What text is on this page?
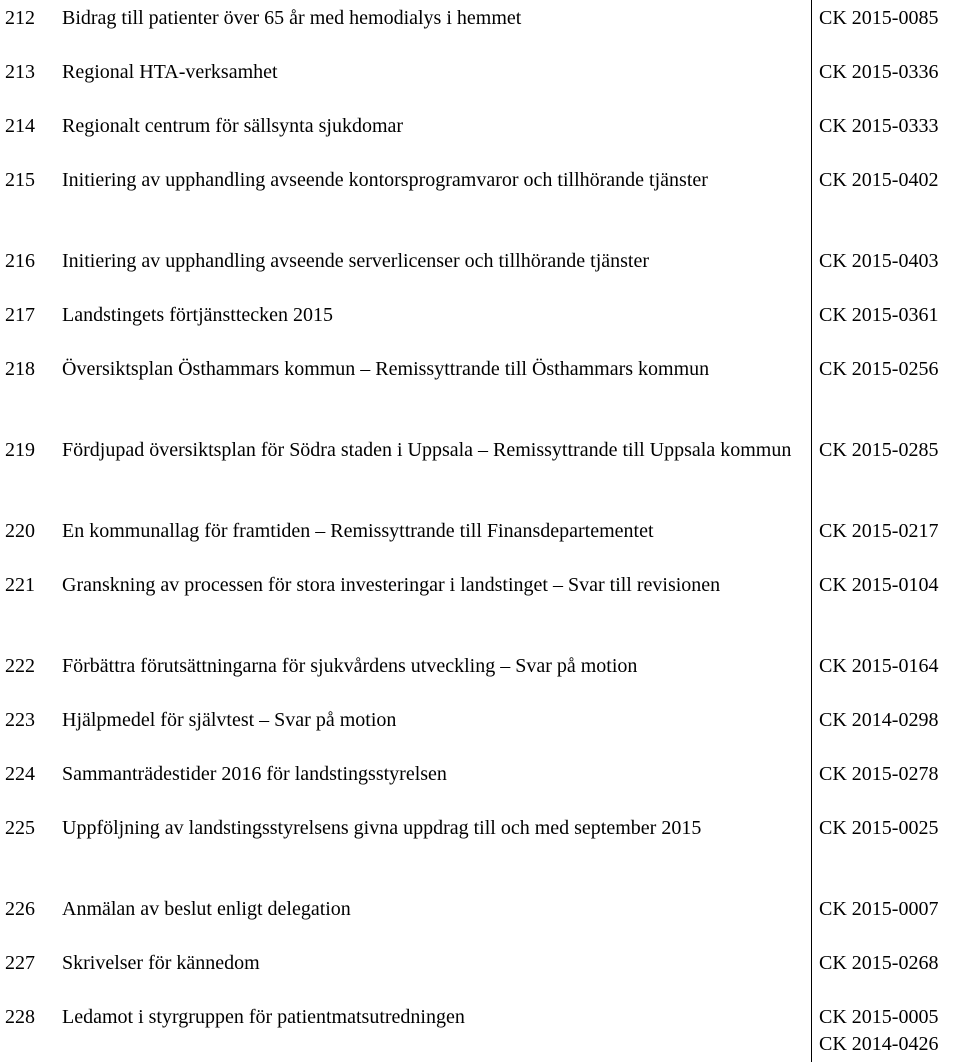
212	Bidrag till patienter över 65 år med hemodialys i hemmet	CK 2015-0085
213	Regional HTA-verksamhet	CK 2015-0336
214	Regionalt centrum för sällsynta sjukdomar	CK 2015-0333
215	Initiering av upphandling avseende kontorsprogramvaror och tillhörande tjänster	CK 2015-0402
216	Initiering av upphandling avseende serverlicenser och tillhörande tjänster	CK 2015-0403
217	Landstingets förtjänsttecken 2015	CK 2015-0361
218	Översiktsplan Östhammars kommun – Remissyttrande till Östhammars kommun	CK 2015-0256
219	Fördjupad översiktsplan för Södra staden i Uppsala – Remissyttrande till Uppsala kommun	CK 2015-0285
220	En kommunallag för framtiden – Remissyttrande till Finansdepartementet	CK 2015-0217
221	Granskning av processen för stora investeringar i landstinget – Svar till revisionen	CK 2015-0104
222	Förbättra förutsättningarna för sjukvårdens utveckling – Svar på motion	CK 2015-0164
223	Hjälpmedel för självtest – Svar på motion	CK 2014-0298
224	Sammanträdestider 2016 för landstingsstyrelsen	CK 2015-0278
225	Uppföljning av landstingsstyrelsens givna uppdrag till och med september 2015	CK 2015-0025
226	Anmälan av beslut enligt delegation	CK 2015-0007
227	Skrivelser för kännedom	CK 2015-0268
228	Ledamot i styrgruppen för patientmatsutredningen	CK 2015-0005
CK 2014-0426
